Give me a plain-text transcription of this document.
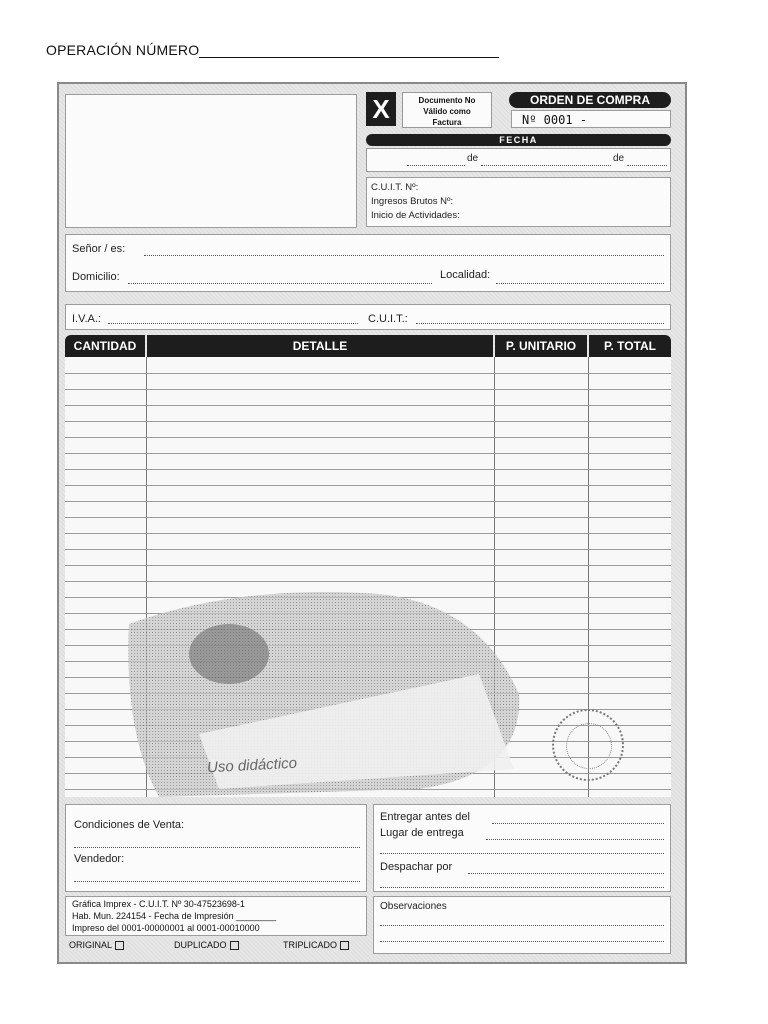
OPERACIÓN NÚMERO
X	Documento No
Válido como
Factura
ORDEN DE COMPRA
Nº 0001 -
FECHA
de	de
C.U.I.T. Nº:
Ingresos Brutos Nº:
Inicio de Actividades:
Señor / es:
Domicilio:	Localidad:
I.V.A.:	C.U.I.T.:
CANTIDAD	DETALLE	P. UNITARIO	P. TOTAL
Uso didáctico
Condiciones de Venta:
Vendedor:
Entregar antes del
Lugar de entrega
Despachar por
Gráfica Imprex - C.U.I.T. Nº 30-47523698-1
Hab. Mun. 224154 - Fecha de Impresión ________
Impreso del 0001-00000001 al 0001-00010000
ORIGINAL	DUPLICADO	TRIPLICADO
Observaciones
